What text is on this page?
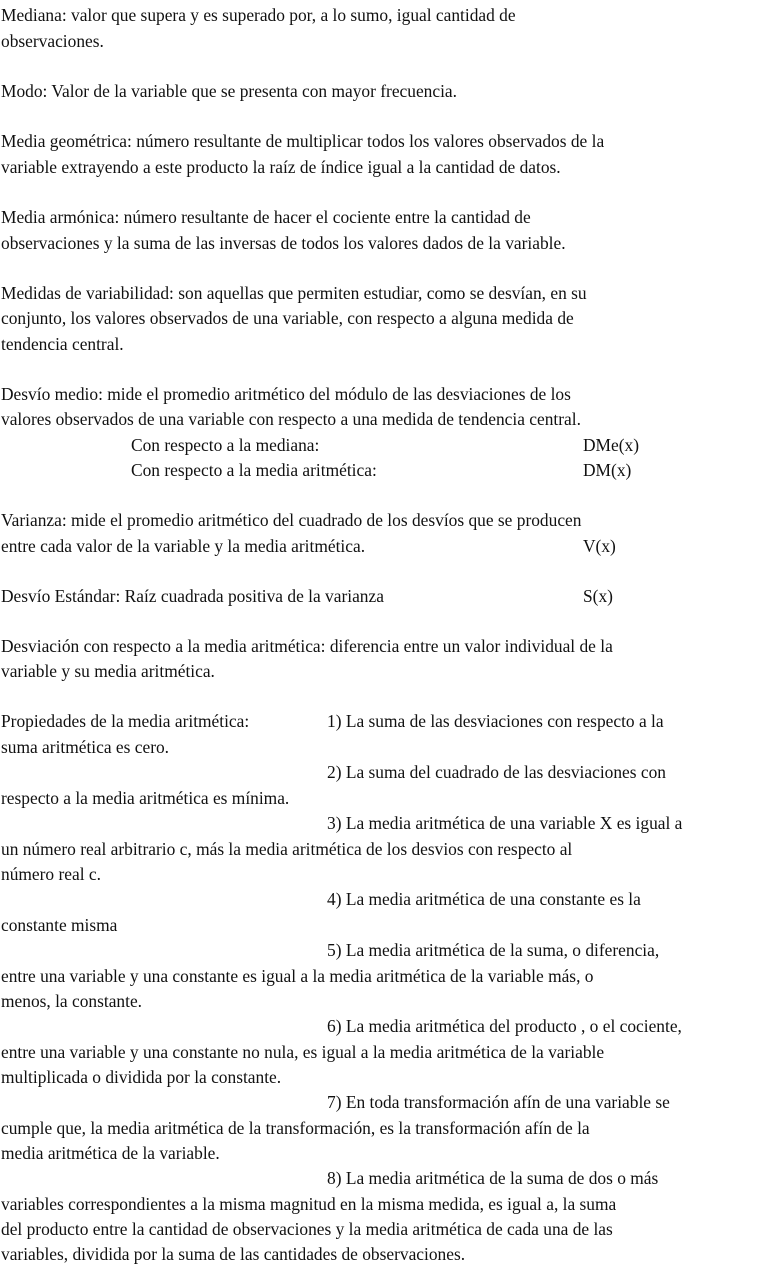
Mediana: valor que supera y es superado por, a lo sumo, igual cantidad de

observaciones.

Modo: Valor de la variable que se presenta con mayor frecuencia.

Media geométrica: número resultante de multiplicar todos los valores observados de la

variable extrayendo a este producto la raíz de índice igual a la cantidad de datos.

Media armónica: número resultante de hacer el cociente entre la cantidad de

observaciones y la suma de las inversas de todos los valores dados de la variable.

Medidas de variabilidad: son aquellas que permiten estudiar, como se desvían, en su

conjunto, los valores observados de una variable, con respecto a alguna medida de

tendencia central.

Desvío medio: mide el promedio aritmético del módulo de las desviaciones de los

valores observados de una variable con respecto a una medida de tendencia central.

Con respecto a la mediana:	DMe(x)

Con respecto a la media aritmética:	DM(x)

Varianza: mide el promedio aritmético del cuadrado de los desvíos que se producen

entre cada valor de la variable y la media aritmética.	V(x)

Desvío Estándar: Raíz cuadrada positiva de la varianza	S(x)

Desviación con respecto a la media aritmética: diferencia entre un valor individual de la

variable y su media aritmética.

Propiedades de la media aritmética:	1) La suma de las desviaciones con respecto a la

suma aritmética es cero.

2) La suma del cuadrado de las desviaciones con

respecto a la media aritmética es mínima.

3) La media aritmética de una variable X es igual a

un número real arbitrario c, más la media aritmética de los desvios con respecto al

número real c.

4) La media aritmética de una constante es la

constante misma

5) La media aritmética de la suma, o diferencia,

entre una variable y una constante es igual a la media aritmética de la variable más, o

menos, la constante.

6) La media aritmética del producto , o el cociente,

entre una variable y una constante no nula, es igual a la media aritmética de la variable

multiplicada o dividida por la constante.

7) En toda transformación afín de una variable se

cumple que, la media aritmética de la transformación, es la transformación afín de la

media aritmética de la variable.

8) La media aritmética de la suma de dos o más

variables correspondientes a la misma magnitud en la misma medida, es igual a, la suma

del producto entre la cantidad de observaciones y la media aritmética de cada una de las

variables, dividida por la suma de las cantidades de observaciones.
